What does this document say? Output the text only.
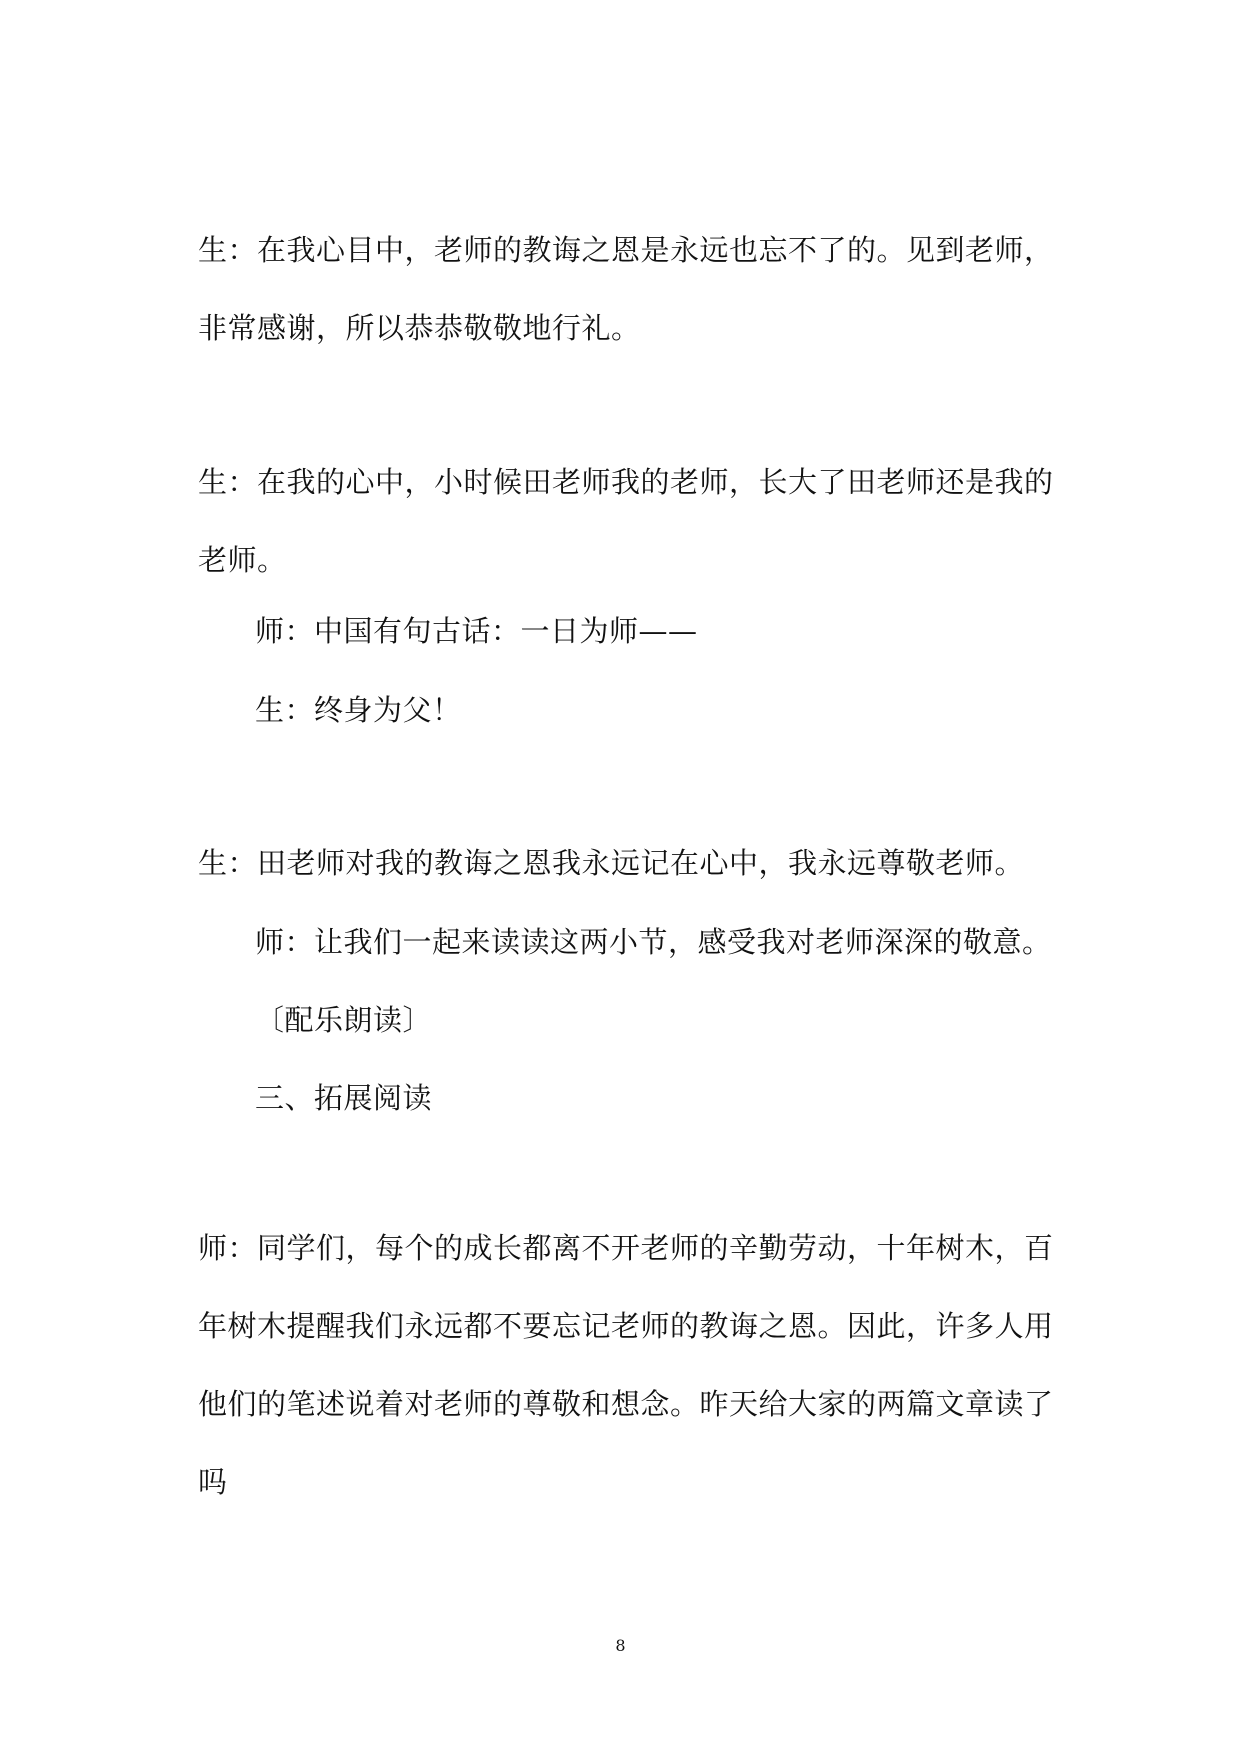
生：在我心目中，老师的教诲之恩是永远也忘不了的。见到老师，
非常感谢，所以恭恭敬敬地行礼。
生：在我的心中，小时候田老师我的老师，长大了田老师还是我的
老师。
师：中国有句古话：一日为师——
生：终身为父！
生：田老师对我的教诲之恩我永远记在心中，我永远尊敬老师。
师：让我们一起来读读这两小节，感受我对老师深深的敬意。
〔配乐朗读〕
三、拓展阅读
师：同学们，每个的成长都离不开老师的辛勤劳动，十年树木，百
年树木提醒我们永远都不要忘记老师的教诲之恩。因此，许多人用
他们的笔述说着对老师的尊敬和想念。昨天给大家的两篇文章读了
吗
8
